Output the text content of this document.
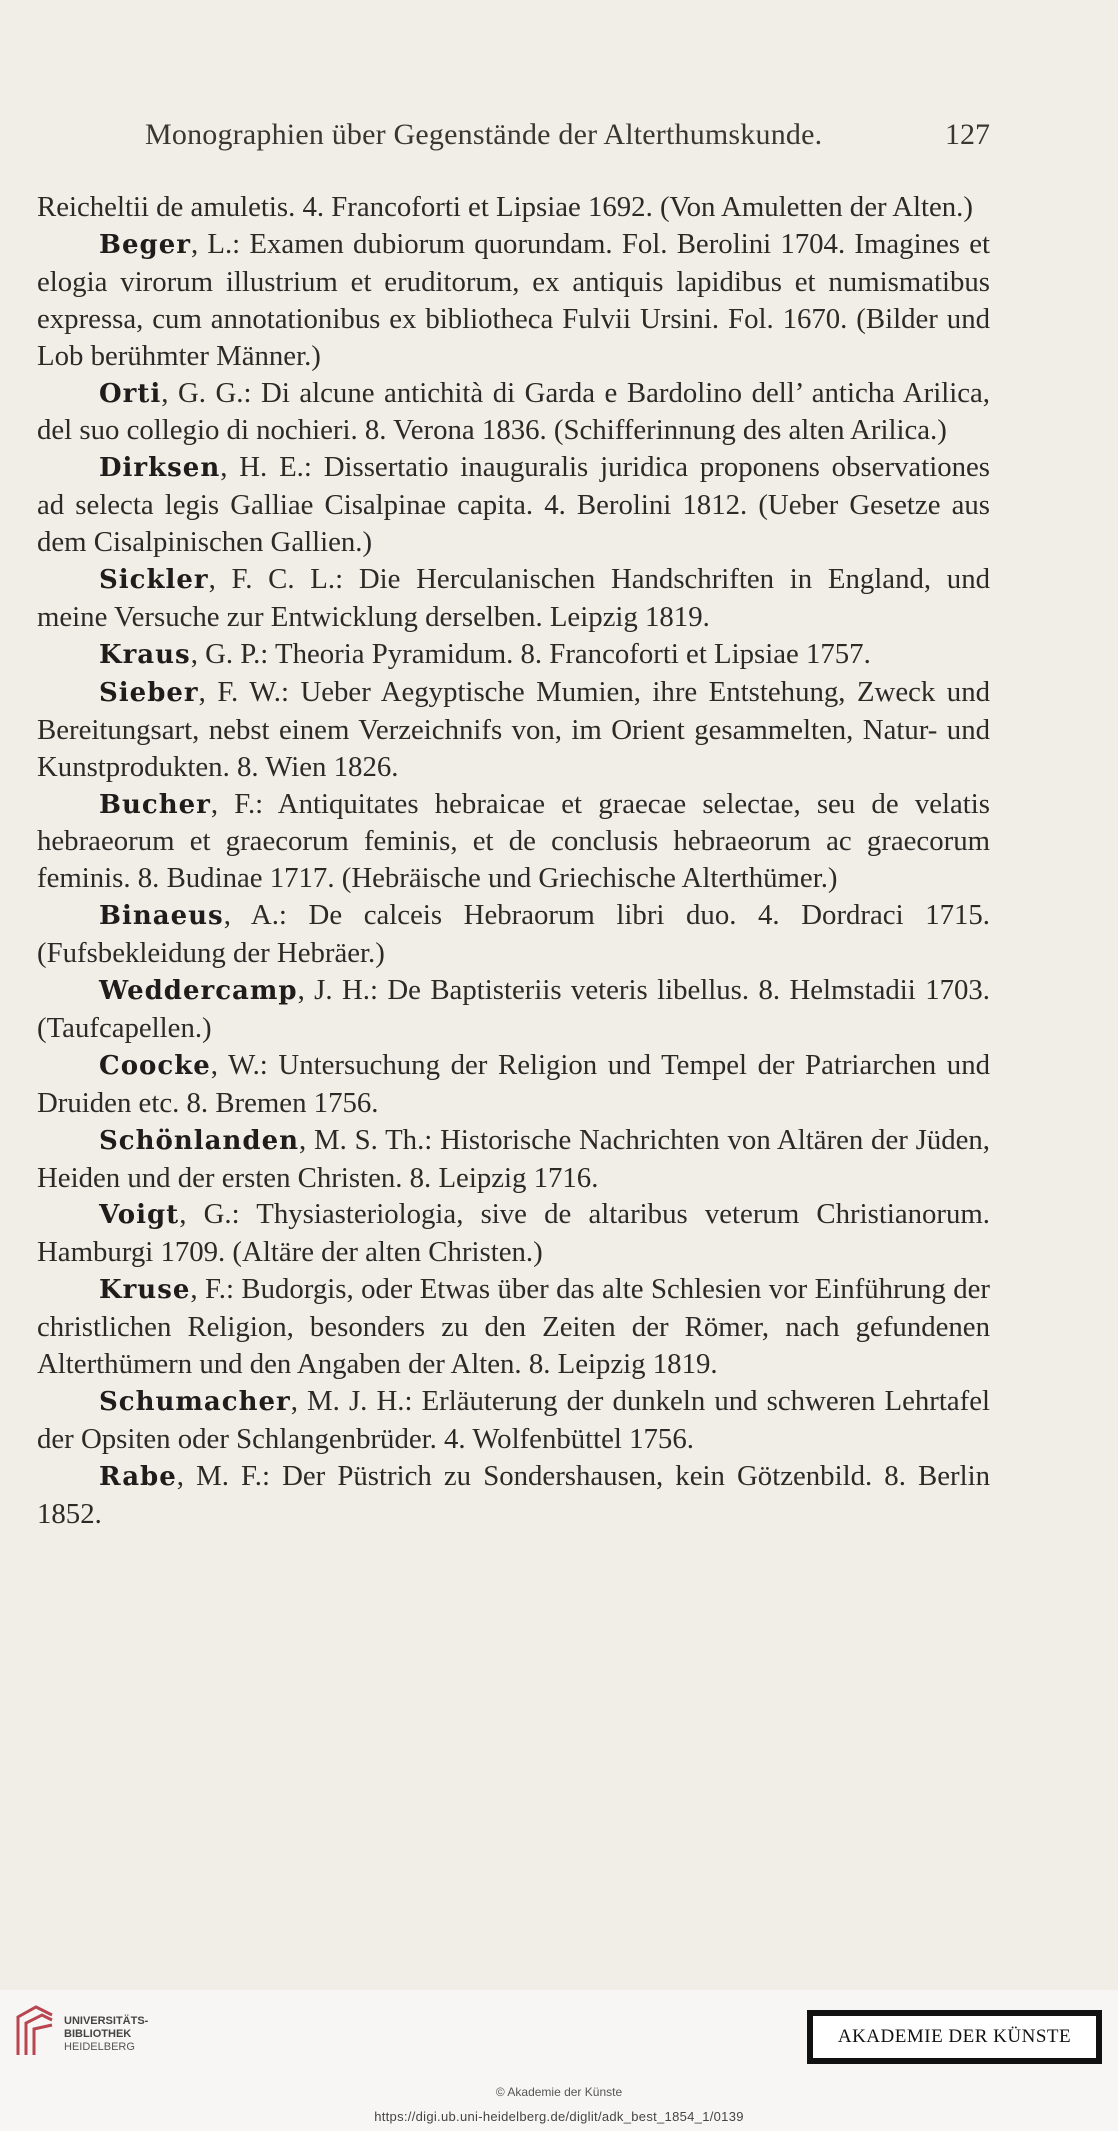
Monographien über Gegenstände der Alterthumskunde.	127

Reicheltii de amuletis. 4. Francoforti et Lipsiae 1692. (Von Amuletten der Alten.)

Beger, L.: Examen dubiorum quorundam. Fol. Berolini 1704. Imagines et elogia virorum illustrium et eruditorum, ex antiquis lapidibus et numismatibus expressa, cum annotationibus ex bibliotheca Fulvii Ursini. Fol. 1670. (Bilder und Lob berühmter Männer.)

Orti, G. G.: Di alcune antichità di Garda e Bardolino dell’ anticha Arilica, del suo collegio di nochieri. 8. Verona 1836. (Schifferinnung des alten Arilica.)

Dirksen, H. E.: Dissertatio inauguralis juridica proponens observationes ad selecta legis Galliae Cisalpinae capita. 4. Berolini 1812. (Ueber Gesetze aus dem Cisalpinischen Gallien.)

Sickler, F. C. L.: Die Herculanischen Handschriften in England, und meine Versuche zur Entwicklung derselben. Leipzig 1819.

Kraus, G. P.: Theoria Pyramidum. 8. Francoforti et Lipsiae 1757.

Sieber, F. W.: Ueber Aegyptische Mumien, ihre Entstehung, Zweck und Bereitungsart, nebst einem Verzeichnifs von, im Orient gesammelten, Natur- und Kunstprodukten. 8. Wien 1826.

Bucher, F.: Antiquitates hebraicae et graecae selectae, seu de velatis hebraeorum et graecorum feminis, et de conclusis hebraeorum ac graecorum feminis. 8. Budinae 1717. (Hebräische und Griechische Alterthümer.)

Binaeus, A.: De calceis Hebraorum libri duo. 4. Dordraci 1715. (Fufsbekleidung der Hebräer.)

Weddercamp, J. H.: De Baptisteriis veteris libellus. 8. Helmstadii 1703. (Taufcapellen.)

Coocke, W.: Untersuchung der Religion und Tempel der Patriarchen und Druiden etc. 8. Bremen 1756.

Schönlanden, M. S. Th.: Historische Nachrichten von Altären der Jüden, Heiden und der ersten Christen. 8. Leipzig 1716.

Voigt, G.: Thysiasteriologia, sive de altaribus veterum Christianorum. Hamburgi 1709. (Altäre der alten Christen.)

Kruse, F.: Budorgis, oder Etwas über das alte Schlesien vor Einführung der christlichen Religion, besonders zu den Zeiten der Römer, nach gefundenen Alterthümern und den Angaben der Alten. 8. Leipzig 1819.

Schumacher, M. J. H.: Erläuterung der dunkeln und schweren Lehrtafel der Opsiten oder Schlangenbrüder. 4. Wolfenbüttel 1756.

Rabe, M. F.: Der Püstrich zu Sondershausen, kein Götzenbild. 8. Berlin 1852.

UNIVERSITÄTS-
BIBLIOTHEK
HEIDELBERG	AKADEMIE DER KÜNSTE
© Akademie der Künste
https://digi.ub.uni-heidelberg.de/diglit/adk_best_1854_1/0139
